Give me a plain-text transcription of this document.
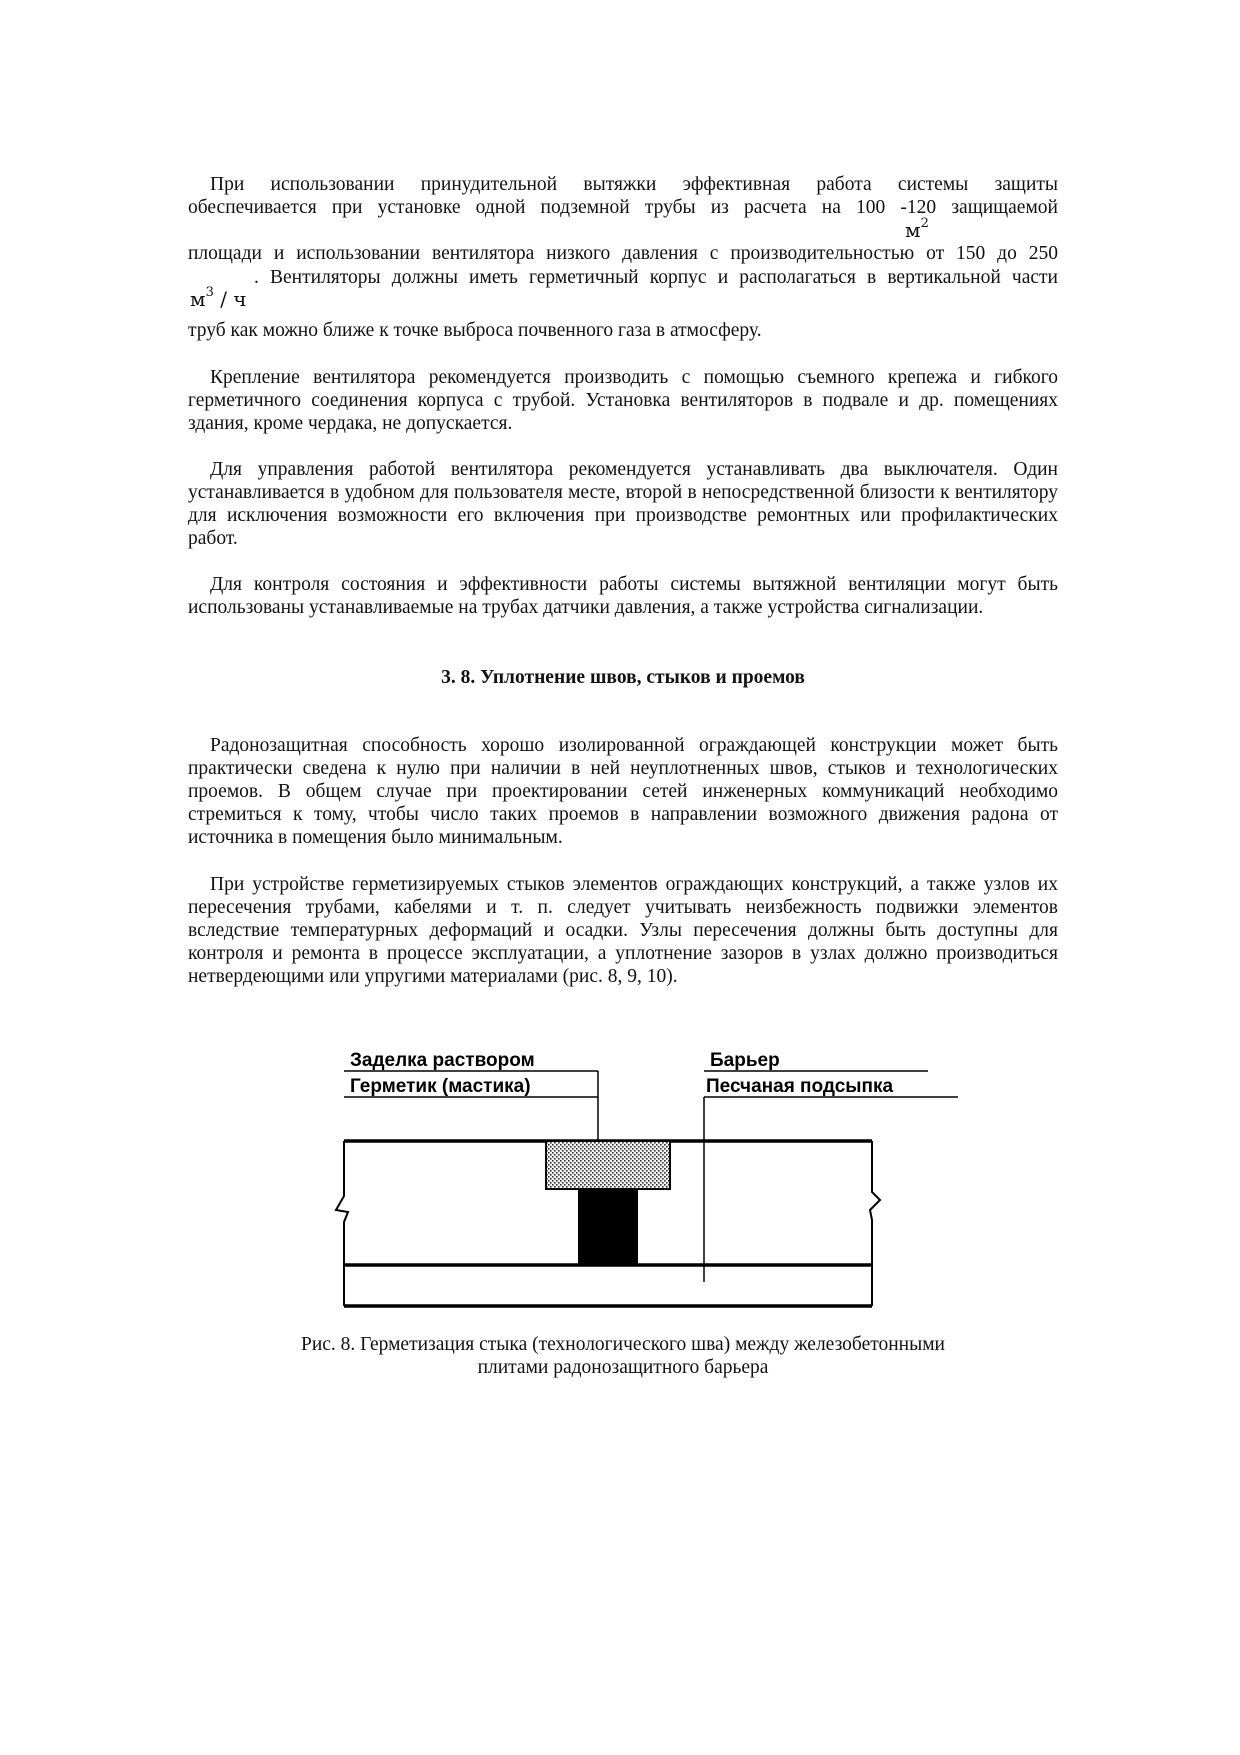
При использовании принудительной вытяжки эффективная работа системы защиты

обеспечивается при установке одной подземной трубы из расчета на 100 -120 защищаемой

$м^2$

площади и использовании вентилятора низкого давления с производительностью от 150 до 250

. Вентиляторы должны иметь герметичный корпус и располагаться в вертикальной части

$м^3$ / ч

труб как можно ближе к точке выброса почвенного газа в атмосферу.

Крепление вентилятора рекомендуется производить с помощью съемного крепежа и гибкого герметичного соединения корпуса с трубой. Установка вентиляторов в подвале и др. помещениях здания, кроме чердака, не допускается.

Для управления работой вентилятора рекомендуется устанавливать два выключателя. Один устанавливается в удобном для пользователя месте, второй в непосредственной близости к вентилятору для исключения возможности его включения при производстве ремонтных или профилактических работ.

Для контроля состояния и эффективности работы системы вытяжной вентиляции могут быть использованы устанавливаемые на трубах датчики давления, а также устройства сигнализации.

3. 8. Уплотнение швов, стыков и проемов

Радонозащитная способность хорошо изолированной ограждающей конструкции может быть практически сведена к нулю при наличии в ней неуплотненных швов, стыков и технологических проемов. В общем случае при проектировании сетей инженерных коммуникаций необходимо стремиться к тому, чтобы число таких проемов в направлении возможного движения радона от источника в помещения было минимальным.

При устройстве герметизируемых стыков элементов ограждающих конструкций, а также узлов их пересечения трубами, кабелями и т. п. следует учитывать неизбежность подвижки элементов вследствие температурных деформаций и осадки. Узлы пересечения должны быть доступны для контроля и ремонта в процессе эксплуатации, а уплотнение зазоров в узлах должно производиться нетвердеющими или упругими материалами (рис. 8, 9, 10).

Заделка раствором
Герметик (мастика)
Барьер
Песчаная подсыпка
Рис. 8. Герметизация стыка (технологического шва) между железобетонными
плитами радонозащитного барьера
